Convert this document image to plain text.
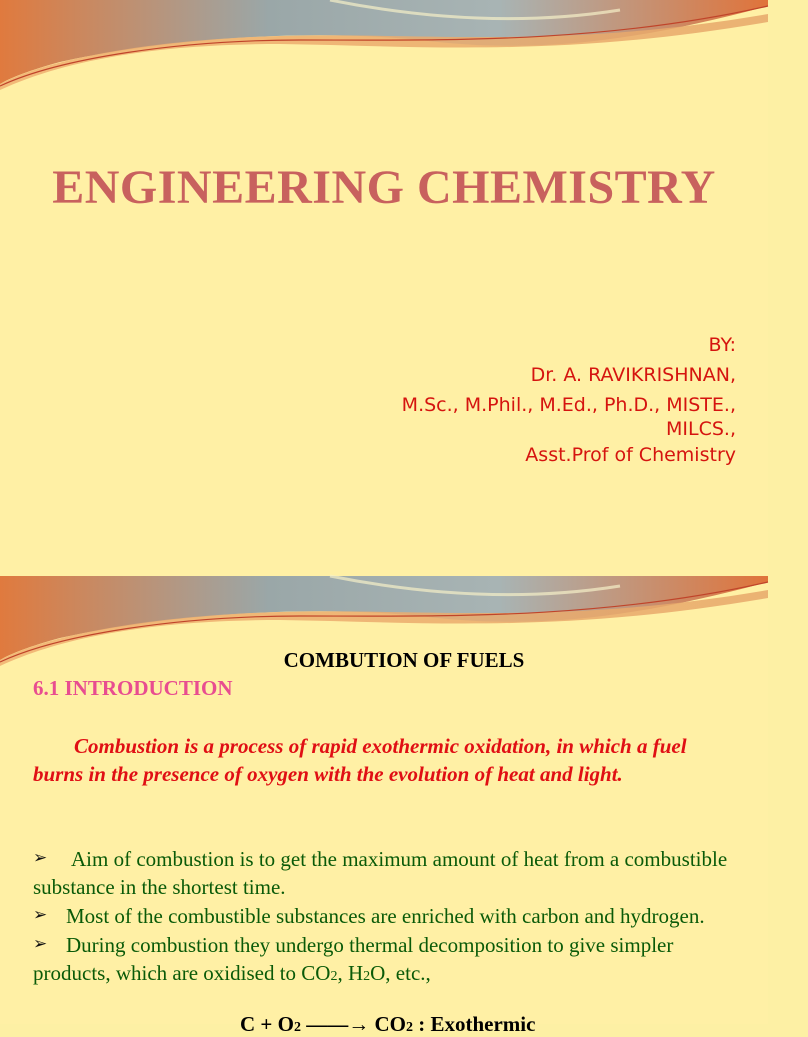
ENGINEERING CHEMISTRY
BY:
Dr. A. RAVIKRISHNAN,
M.Sc., M.Phil., M.Ed., Ph.D., MISTE.,
MILCS.,
Asst.Prof of Chemistry
COMBUTION OF FUELS
6.1 INTRODUCTION
Combustion is a process of rapid exothermic oxidation, in which a fuel burns in the presence of oxygen with the evolution of heat and light.
➢ Aim of combustion is to get the maximum amount of heat from a combustible substance in the shortest time.
➢ Most of the combustible substances are enriched with carbon and hydrogen.
➢ During combustion they undergo thermal decomposition to give simpler products, which are oxidised to CO2, H2O, etc.,
C + O2 ——→ CO2 : Exothermic
